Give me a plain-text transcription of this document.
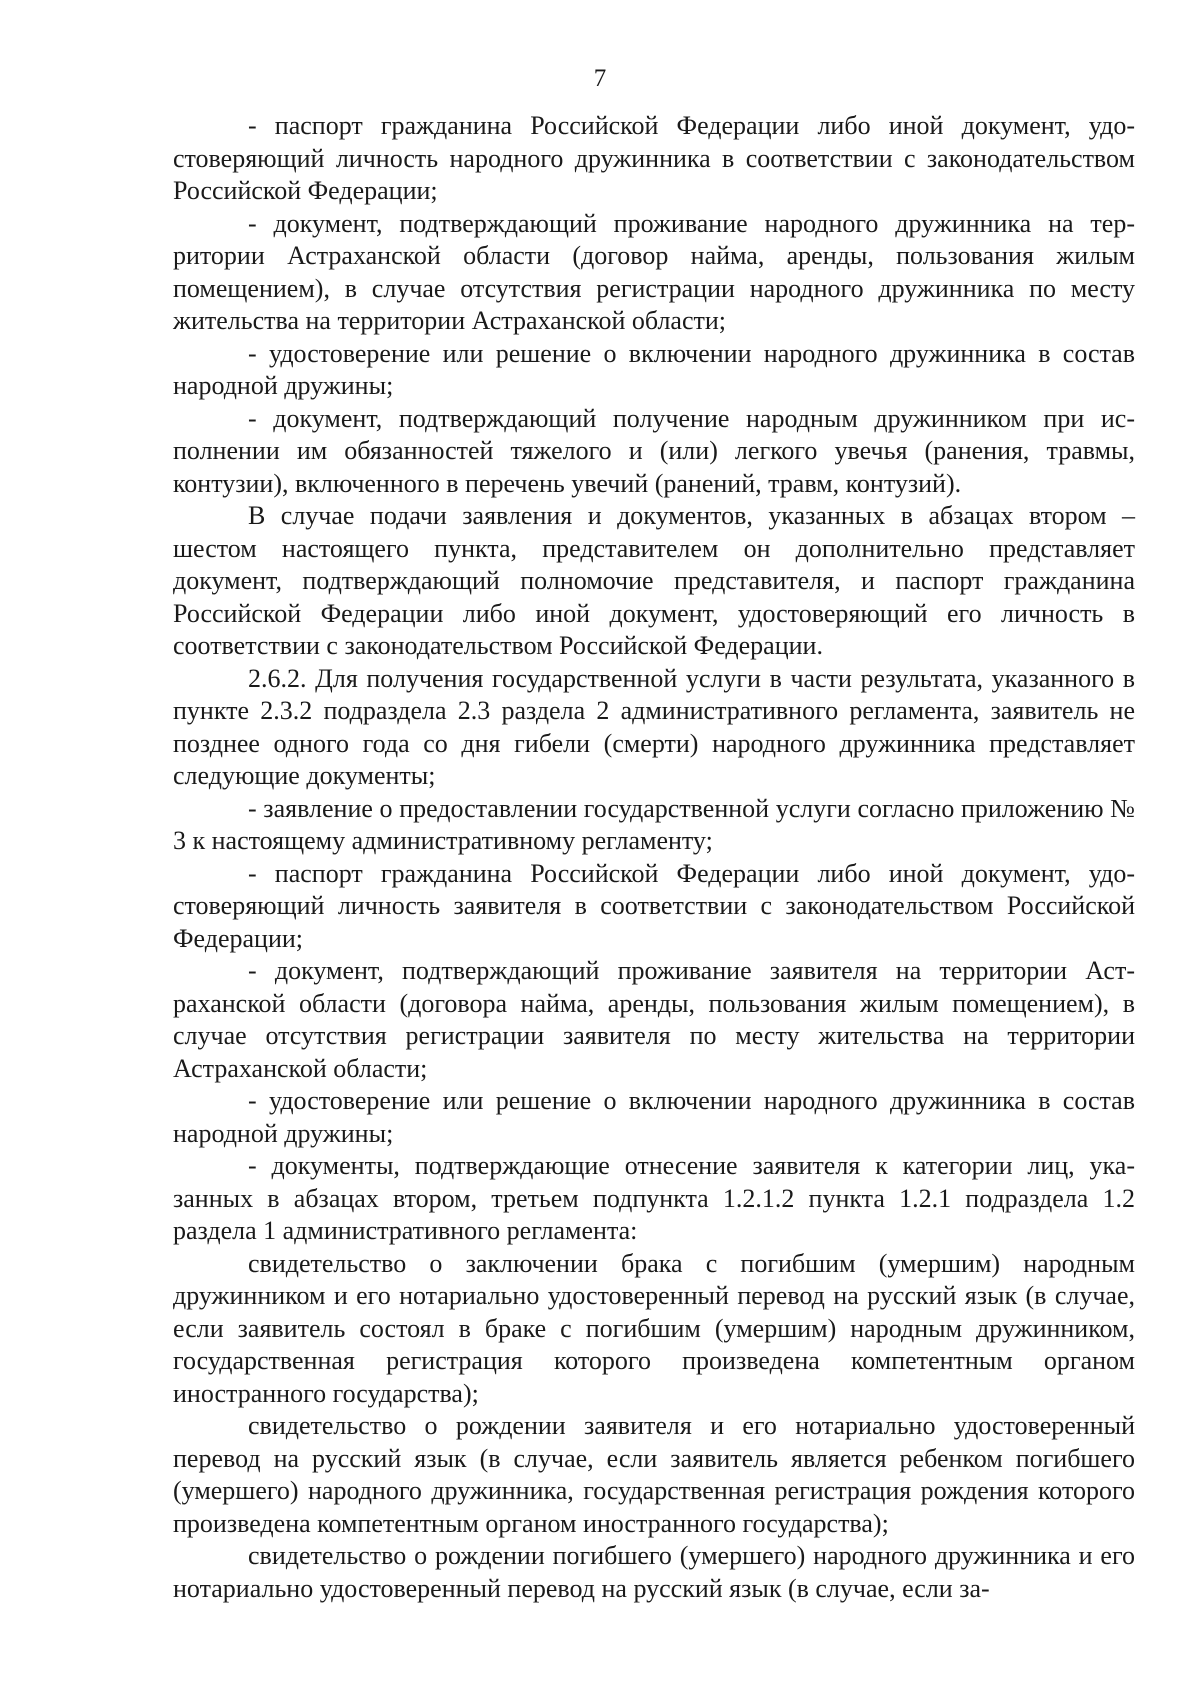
7

- паспорт гражданина Российской Федерации либо иной документ, удостоверяющий личность народного дружинника в соответствии с законодательством Российской Федерации;

- документ, подтверждающий проживание народного дружинника на территории Астраханской области (договор найма, аренды, пользования жилым помещением), в случае отсутствия регистрации народного дружинника по месту жительства на территории Астраханской области;

- удостоверение или решение о включении народного дружинника в состав народной дружины;

- документ, подтверждающий получение народным дружинником при исполнении им обязанностей тяжелого и (или) легкого увечья (ранения, травмы, контузии), включенного в перечень увечий (ранений, травм, контузий).

В случае подачи заявления и документов, указанных в абзацах втором – шестом настоящего пункта, представителем он дополнительно представляет документ, подтверждающий полномочие представителя, и паспорт гражданина Российской Федерации либо иной документ, удостоверяющий его личность в соответствии с законодательством Российской Федерации.

2.6.2. Для получения государственной услуги в части результата, указанного в пункте 2.3.2 подраздела 2.3 раздела 2 административного регламента, заявитель не позднее одного года со дня гибели (смерти) народного дружинника представляет следующие документы;

- заявление о предоставлении государственной услуги согласно приложению № 3 к настоящему административному регламенту;

- паспорт гражданина Российской Федерации либо иной документ, удостоверяющий личность заявителя в соответствии с законодательством Российской Федерации;

- документ, подтверждающий проживание заявителя на территории Астраханской области (договора найма, аренды, пользования жилым помещением), в случае отсутствия регистрации заявителя по месту жительства на территории Астраханской области;

- удостоверение или решение о включении народного дружинника в состав народной дружины;

- документы, подтверждающие отнесение заявителя к категории лиц, указанных в абзацах втором, третьем подпункта 1.2.1.2 пункта 1.2.1 подраздела 1.2 раздела 1 административного регламента:

свидетельство о заключении брака с погибшим (умершим) народным дружинником и его нотариально удостоверенный перевод на русский язык (в случае, если заявитель состоял в браке с погибшим (умершим) народным дружинником, государственная регистрация которого произведена компетентным органом иностранного государства);

свидетельство о рождении заявителя и его нотариально удостоверенный перевод на русский язык (в случае, если заявитель является ребенком погибшего (умершего) народного дружинника, государственная регистрация рождения которого произведена компетентным органом иностранного государства);

свидетельство о рождении погибшего (умершего) народного дружинника и его нотариально удостоверенный перевод на русский язык (в случае, если за-
